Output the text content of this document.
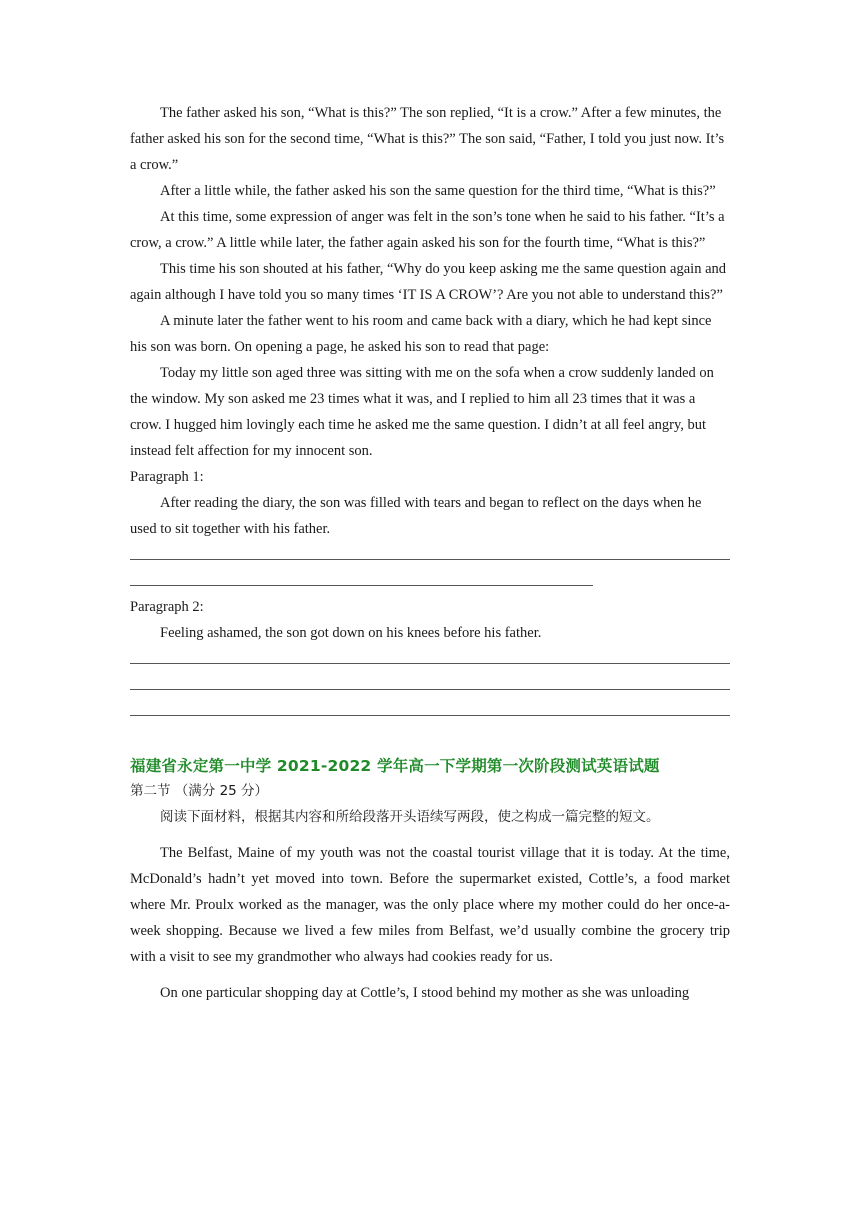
The father asked his son, “What is this?” The son replied, “It is a crow.” After a few minutes, the father asked his son for the second time, “What is this?” The son said, “Father, I told you just now. It’s a crow.”

After a little while, the father asked his son the same question for the third time, “What is this?”

At this time, some expression of anger was felt in the son’s tone when he said to his father. “It’s a crow, a crow.” A little while later, the father again asked his son for the fourth time, “What is this?”

This time his son shouted at his father, “Why do you keep asking me the same question again and again although I have told you so many times ‘IT IS A CROW’? Are you not able to understand this?”

A minute later the father went to his room and came back with a diary, which he had kept since his son was born. On opening a page, he asked his son to read that page:

Today my little son aged three was sitting with me on the sofa when a crow suddenly landed on the window. My son asked me 23 times what it was, and I replied to him all 23 times that it was a crow. I hugged him lovingly each time he asked me the same question. I didn’t at all feel angry, but instead felt affection for my innocent son.

Paragraph 1:

After reading the diary, the son was filled with tears and began to reflect on the days when he used to sit together with his father.

Paragraph 2:

Feeling ashamed, the son got down on his knees before his father.

福建省永定第一中学 2021-2022 学年高一下学期第一次阶段测试英语试题

第二节 （满分 25 分）

阅读下面材料，根据其内容和所给段落开头语续写两段，使之构成一篇完整的短文。

The Belfast, Maine of my youth was not the coastal tourist village that it is today. At the time, McDonald’s hadn’t yet moved into town. Before the supermarket existed, Cottle’s, a food market where Mr. Proulx worked as the manager, was the only place where my mother could do her once-a-week shopping. Because we lived a few miles from Belfast, we’d usually combine the grocery trip with a visit to see my grandmother who always had cookies ready for us.

On one particular shopping day at Cottle’s, I stood behind my mother as she was unloading
